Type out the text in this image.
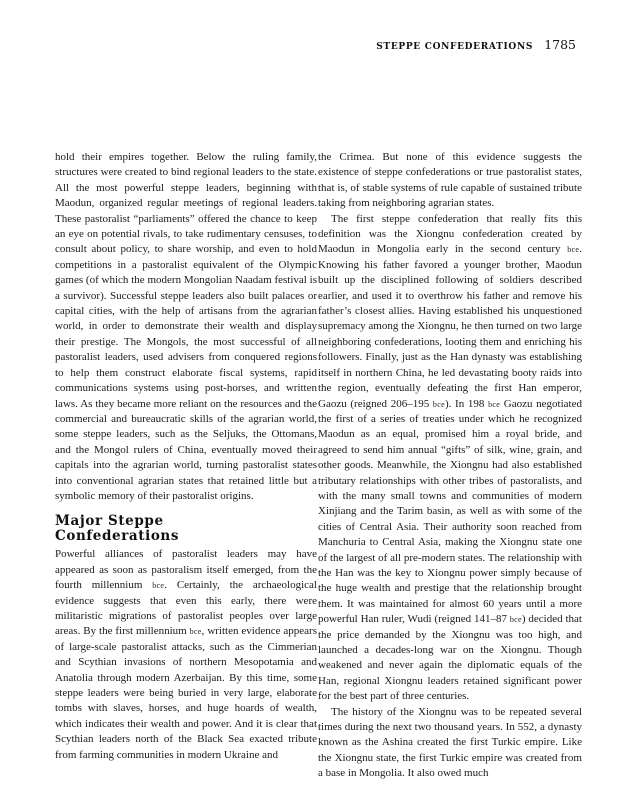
STEPPE CONFEDERATIONS 1785

hold their empires together. Below the ruling family, structures were created to bind regional leaders to the state. All the most powerful steppe leaders, beginning with Maodun, organized regular meetings of regional leaders. These pastoralist “parliaments” offered the chance to keep an eye on potential rivals, to take rudimentary censuses, to consult about policy, to share worship, and even to hold competitions in a pastoralist equivalent of the Olympic games (of which the modern Mongolian Naadam festival is a survivor). Successful steppe leaders also built palaces or capital cities, with the help of artisans from the agrarian world, in order to demonstrate their wealth and display their prestige. The Mongols, the most successful of all pastoralist leaders, used advisers from conquered regions to help them construct elaborate fiscal systems, rapid communications systems using post-horses, and written laws. As they became more reliant on the resources and the commercial and bureaucratic skills of the agrarian world, some steppe leaders, such as the Seljuks, the Ottomans, and the Mongol rulers of China, eventually moved their capitals into the agrarian world, turning pastoralist states into conventional agrarian states that retained little but a symbolic memory of their pastoralist origins.

Major Steppe
Confederations

Powerful alliances of pastoralist leaders may have appeared as soon as pastoralism itself emerged, from the fourth millennium bce. Certainly, the archaeological evidence suggests that even this early, there were militaristic migrations of pastoralist peoples over large areas. By the first millennium bce, written evidence appears of large-scale pastoralist attacks, such as the Cimmerian and Scythian invasions of northern Mesopotamia and Anatolia through modern Azerbaijan. By this time, some steppe leaders were being buried in very large, elaborate tombs with slaves, horses, and huge hoards of wealth, which indicates their wealth and power. And it is clear that Scythian leaders north of the Black Sea exacted tribute from farming communities in modern Ukraine and

the Crimea. But none of this evidence suggests the existence of steppe confederations or true pastoralist states, that is, of stable systems of rule capable of sustained tribute taking from neighboring agrarian states.

The first steppe confederation that really fits this definition was the Xiongnu confederation created by Maodun in Mongolia early in the second century bce. Knowing his father favored a younger brother, Maodun built up the disciplined following of soldiers described earlier, and used it to overthrow his father and remove his father’s closest allies. Having established his unquestioned supremacy among the Xiongnu, he then turned on two large neighboring confederations, looting them and enriching his followers. Finally, just as the Han dynasty was establishing itself in northern China, he led devastating booty raids into the region, eventually defeating the first Han emperor, Gaozu (reigned 206–195 bce). In 198 bce Gaozu negotiated the first of a series of treaties under which he recognized Maodun as an equal, promised him a royal bride, and agreed to send him annual “gifts” of silk, wine, grain, and other goods. Meanwhile, the Xiongnu had also established tributary relationships with other tribes of pastoralists, and with the many small towns and communities of modern Xinjiang and the Tarim basin, as well as with some of the cities of Central Asia. Their authority soon reached from Manchuria to Central Asia, making the Xiongnu state one of the largest of all pre-modern states. The relationship with the Han was the key to Xiongnu power simply because of the huge wealth and prestige that the relationship brought them. It was maintained for almost 60 years until a more powerful Han ruler, Wudi (reigned 141–87 bce) decided that the price demanded by the Xiongnu was too high, and launched a decades-long war on the Xiongnu. Though weakened and never again the diplomatic equals of the Han, regional Xiongnu leaders retained significant power for the best part of three centuries.

The history of the Xiongnu was to be repeated several times during the next two thousand years. In 552, a dynasty known as the Ashina created the first Turkic empire. Like the Xiongnu state, the first Turkic empire was created from a base in Mongolia. It also owed much
